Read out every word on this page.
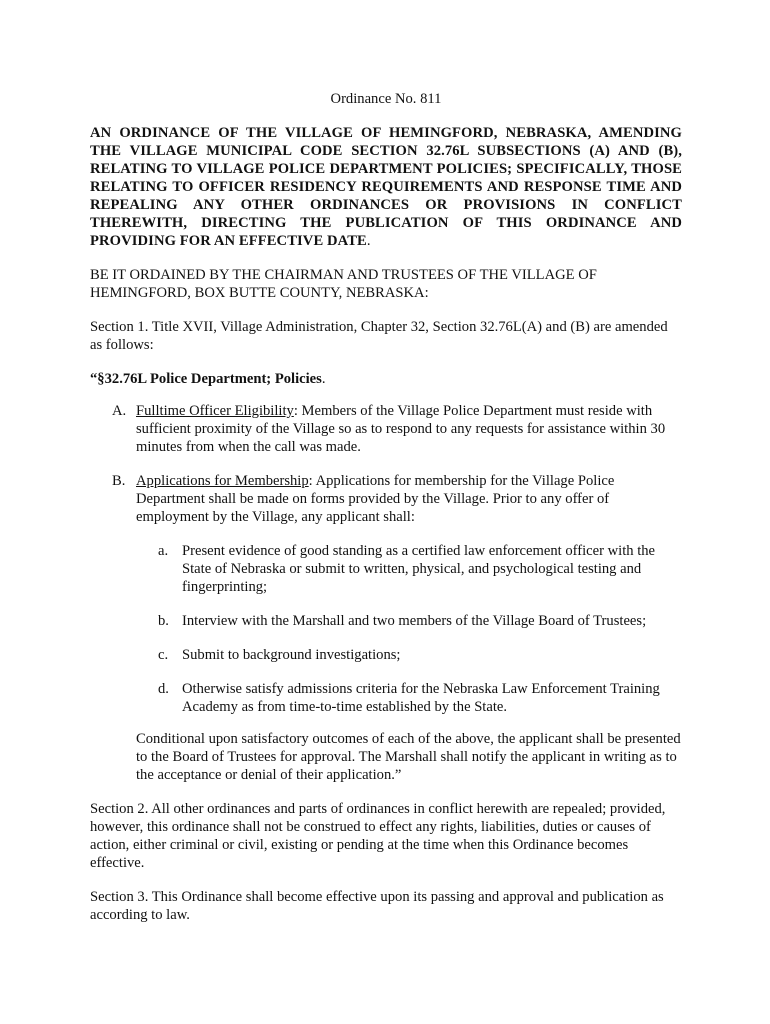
Ordinance No. 811
AN ORDINANCE OF THE VILLAGE OF HEMINGFORD, NEBRASKA, AMENDING THE VILLAGE MUNICIPAL CODE SECTION 32.76L SUBSECTIONS (A) AND (B), RELATING TO VILLAGE POLICE DEPARTMENT POLICIES; SPECIFICALLY, THOSE RELATING TO OFFICER RESIDENCY REQUIREMENTS AND RESPONSE TIME AND REPEALING ANY OTHER ORDINANCES OR PROVISIONS IN CONFLICT THEREWITH, DIRECTING THE PUBLICATION OF THIS ORDINANCE AND PROVIDING FOR AN EFFECTIVE DATE.

BE IT ORDAINED BY THE CHAIRMAN AND TRUSTEES OF THE VILLAGE OF HEMINGFORD, BOX BUTTE COUNTY, NEBRASKA:

Section 1. Title XVII, Village Administration, Chapter 32, Section 32.76L(A) and (B) are amended as follows:

“§32.76L Police Department; Policies.
A. Fulltime Officer Eligibility: Members of the Village Police Department must reside with sufficient proximity of the Village so as to respond to any requests for assistance within 30 minutes from when the call was made.
B. Applications for Membership: Applications for membership for the Village Police Department shall be made on forms provided by the Village. Prior to any offer of employment by the Village, any applicant shall:
a. Present evidence of good standing as a certified law enforcement officer with the State of Nebraska or submit to written, physical, and psychological testing and fingerprinting;
b. Interview with the Marshall and two members of the Village Board of Trustees;
c. Submit to background investigations;
d. Otherwise satisfy admissions criteria for the Nebraska Law Enforcement Training Academy as from time-to-time established by the State.
Conditional upon satisfactory outcomes of each of the above, the applicant shall be presented to the Board of Trustees for approval. The Marshall shall notify the applicant in writing as to the acceptance or denial of their application.”

Section 2. All other ordinances and parts of ordinances in conflict herewith are repealed; provided, however, this ordinance shall not be construed to effect any rights, liabilities, duties or causes of action, either criminal or civil, existing or pending at the time when this Ordinance becomes effective.

Section 3. This Ordinance shall become effective upon its passing and approval and publication as according to law.
